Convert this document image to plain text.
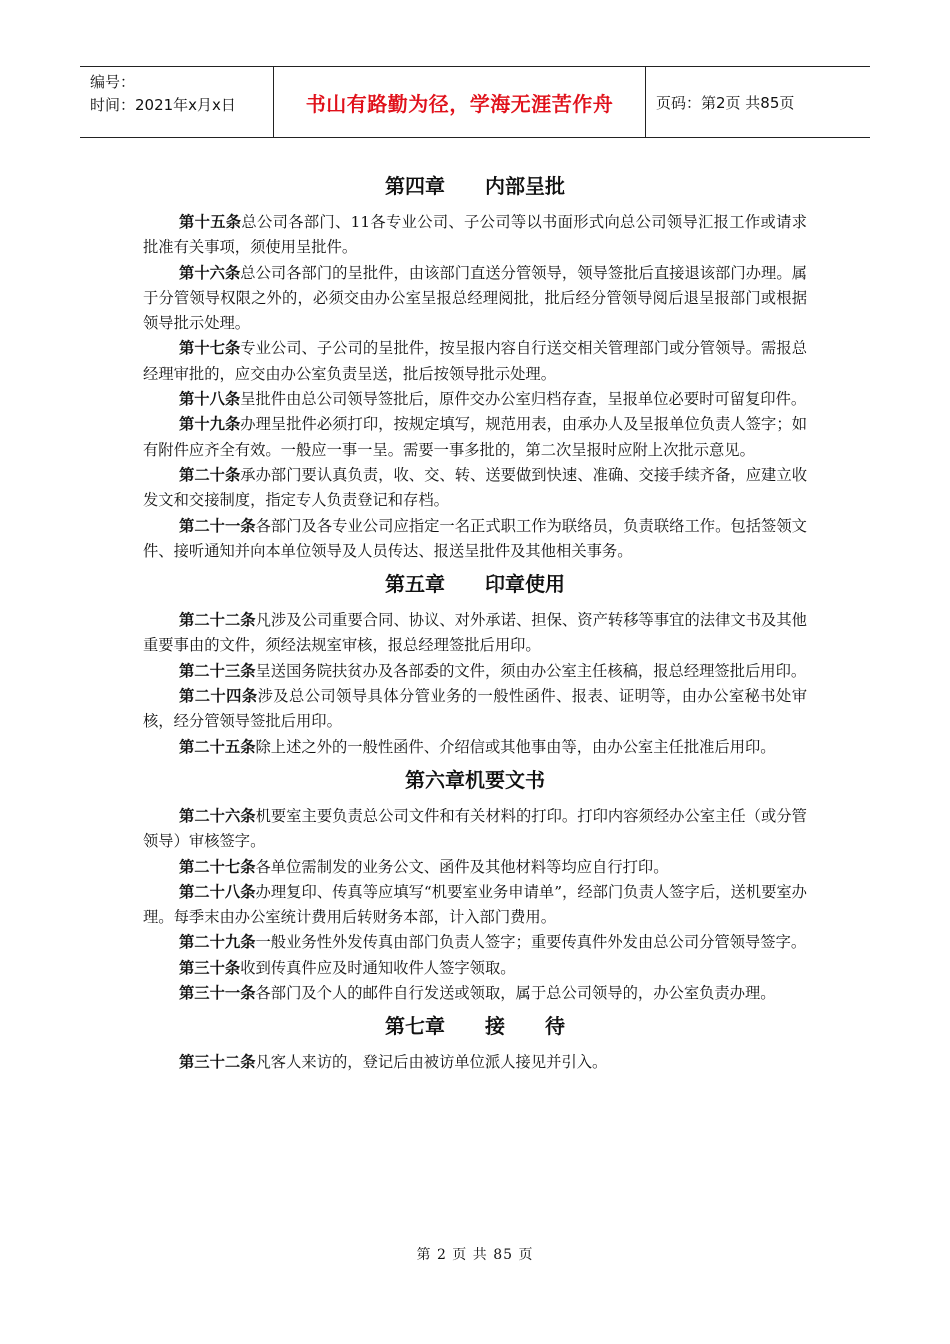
编号：
时间：2021年x月x日	书山有路勤为径，学海无涯苦作舟	页码：第2页 共85页
第四章　　内部呈批

第十五条总公司各部门、11各专业公司、子公司等以书面形式向总公司领导汇报工作或请求批准有关事项，须使用呈批件。

第十六条总公司各部门的呈批件，由该部门直送分管领导，领导签批后直接退该部门办理。属于分管领导权限之外的，必须交由办公室呈报总经理阅批，批后经分管领导阅后退呈报部门或根据领导批示处理。

第十七条专业公司、子公司的呈批件，按呈报内容自行送交相关管理部门或分管领导。需报总经理审批的，应交由办公室负责呈送，批后按领导批示处理。

第十八条呈批件由总公司领导签批后，原件交办公室归档存查，呈报单位必要时可留复印件。

第十九条办理呈批件必须打印，按规定填写，规范用表，由承办人及呈报单位负责人签字；如有附件应齐全有效。一般应一事一呈。需要一事多批的，第二次呈报时应附上次批示意见。

第二十条承办部门要认真负责，收、交、转、送要做到快速、准确、交接手续齐备，应建立收发文和交接制度，指定专人负责登记和存档。

第二十一条各部门及各专业公司应指定一名正式职工作为联络员，负责联络工作。包括签领文件、接听通知并向本单位领导及人员传达、报送呈批件及其他相关事务。

第五章　　印章使用

第二十二条凡涉及公司重要合同、协议、对外承诺、担保、资产转移等事宜的法律文书及其他重要事由的文件，须经法规室审核，报总经理签批后用印。

第二十三条呈送国务院扶贫办及各部委的文件，须由办公室主任核稿，报总经理签批后用印。

第二十四条涉及总公司领导具体分管业务的一般性函件、报表、证明等，由办公室秘书处审核，经分管领导签批后用印。

第二十五条除上述之外的一般性函件、介绍信或其他事由等，由办公室主任批准后用印。

第六章机要文书

第二十六条机要室主要负责总公司文件和有关材料的打印。打印内容须经办公室主任（或分管领导）审核签字。

第二十七条各单位需制发的业务公文、函件及其他材料等均应自行打印。

第二十八条办理复印、传真等应填写“机要室业务申请单”，经部门负责人签字后，送机要室办理。每季末由办公室统计费用后转财务本部，计入部门费用。

第二十九条一般业务性外发传真由部门负责人签字；重要传真件外发由总公司分管领导签字。

第三十条收到传真件应及时通知收件人签字领取。

第三十一条各部门及个人的邮件自行发送或领取，属于总公司领导的，办公室负责办理。

第七章　　接　　待

第三十二条凡客人来访的，登记后由被访单位派人接见并引入。

第 2 页 共 85 页
